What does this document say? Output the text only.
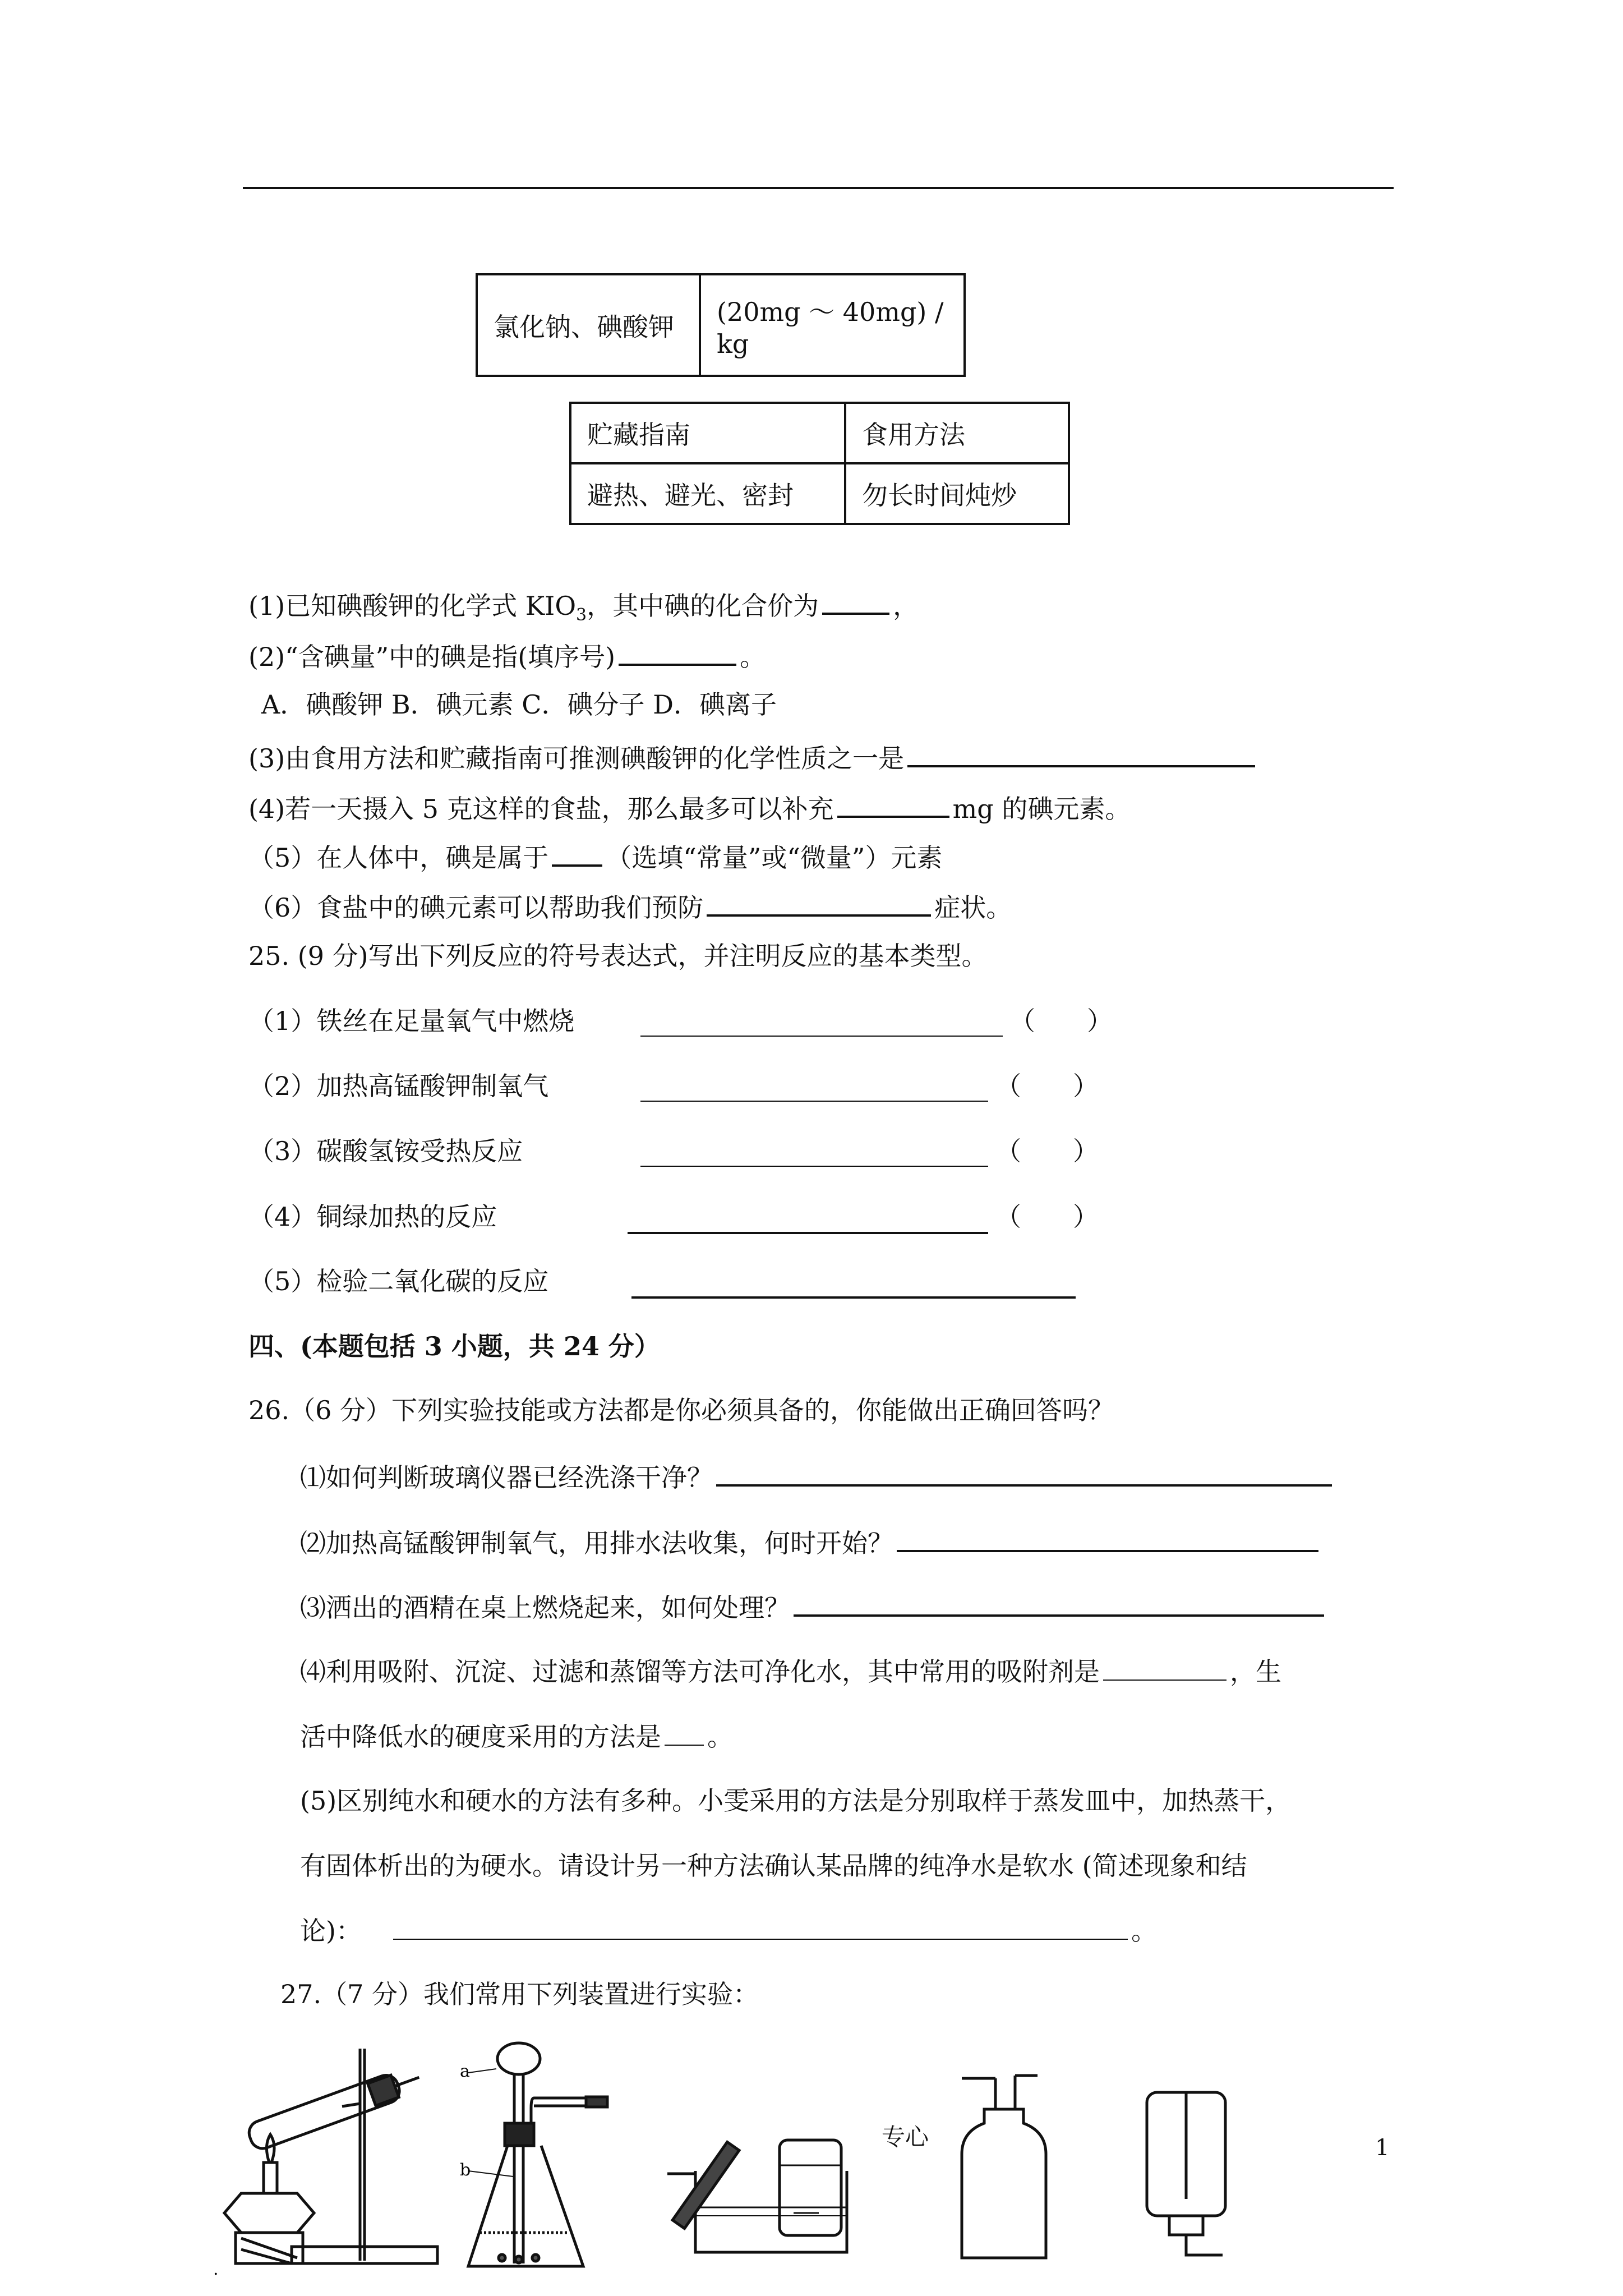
氯化钠、碘酸钾	(20mg ～ 40mg) /
kg
贮藏指南	食用方法
避热、避光、密封	勿长时间炖炒
(1)已知碘酸钾的化学式 $KIO_3$，其中碘的化合价为	，
(2)“含碘量”中的碘是指(填序号)	。
A．碘酸钾 B．碘元素 C．碘分子 D．碘离子
(3)由食用方法和贮藏指南可推测碘酸钾的化学性质之一是
(4)若一天摄入 5 克这样的食盐，那么最多可以补充	mg 的碘元素。
（5）在人体中，碘是属于 （选填“常量”或“微量”）元素
（6）食盐中的碘元素可以帮助我们预防	症状。
25. (9 分)写出下列反应的符号表达式，并注明反应的基本类型。
（1）铁丝在足量氧气中燃烧	（　　）
（2）加热高锰酸钾制氧气	（　　）
（3）碳酸氢铵受热反应	（　　）
（4）铜绿加热的反应	（　　）
（5）检验二氧化碳的反应
四、(本题包括 3 小题，共 24 分）
26.（6 分）下列实验技能或方法都是你必须具备的，你能做出正确回答吗？
⑴如何判断玻璃仪器已经洗涤干净？
⑵加热高锰酸钾制氧气，用排水法收集，何时开始？
⑶洒出的酒精在桌上燃烧起来，如何处理？
⑷利用吸附、沉淀、过滤和蒸馏等方法可净化水，其中常用的吸附剂是	，生
活中降低水的硬度采用的方法是 。
(5)区别纯水和硬水的方法有多种。小雯采用的方法是分别取样于蒸发皿中，加热蒸干，
有固体析出的为硬水。请设计另一种方法确认某品牌的纯净水是软水 (简述现象和结
论)：	。
27.（7 分）我们常用下列装置进行实验：
.
a
b
专心	1
